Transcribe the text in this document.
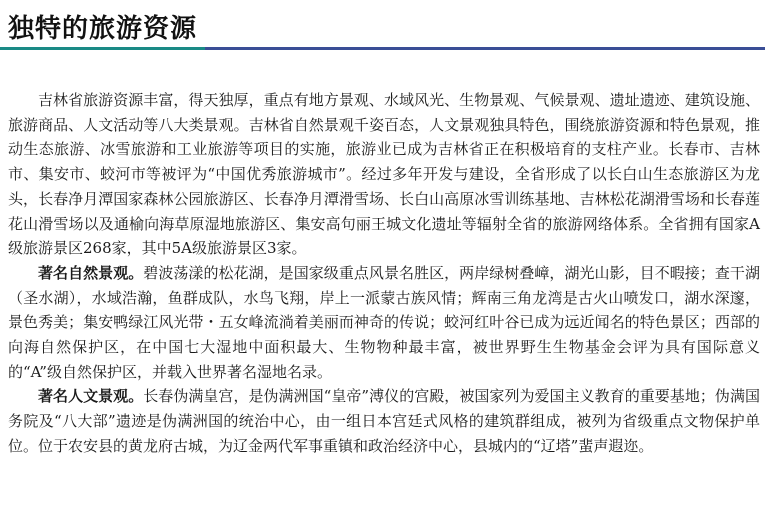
独特的旅游资源

吉林省旅游资源丰富，得天独厚，重点有地方景观、水域风光、生物景观、气候景观、遗址遗迹、建筑设施、旅游商品、人文活动等八大类景观。吉林省自然景观千姿百态，人文景观独具特色，围绕旅游资源和特色景观，推动生态旅游、冰雪旅游和工业旅游等项目的实施，旅游业已成为吉林省正在积极培育的支柱产业。长春市、吉林市、集安市、蛟河市等被评为“中国优秀旅游城市”。经过多年开发与建设，全省形成了以长白山生态旅游区为龙头，长春净月潭国家森林公园旅游区、长春净月潭滑雪场、长白山高原冰雪训练基地、吉林松花湖滑雪场和长春莲花山滑雪场以及通榆向海草原湿地旅游区、集安高句丽王城文化遗址等辐射全省的旅游网络体系。全省拥有国家A级旅游景区268家，其中5A级旅游景区3家。

著名自然景观。碧波荡漾的松花湖，是国家级重点风景名胜区，两岸绿树叠嶂，湖光山影，目不暇接；查干湖（圣水湖），水域浩瀚，鱼群成队，水鸟飞翔，岸上一派蒙古族风情；辉南三角龙湾是古火山喷发口，湖水深邃，景色秀美；集安鸭绿江风光带・五女峰流淌着美丽而神奇的传说；蛟河红叶谷已成为远近闻名的特色景区；西部的向海自然保护区，在中国七大湿地中面积最大、生物物种最丰富，被世界野生生物基金会评为具有国际意义的“A”级自然保护区，并载入世界著名湿地名录。

著名人文景观。长春伪满皇宫，是伪满洲国“皇帝”溥仪的宫殿，被国家列为爱国主义教育的重要基地；伪满国务院及“八大部”遗迹是伪满洲国的统治中心，由一组日本宫廷式风格的建筑群组成，被列为省级重点文物保护单位。位于农安县的黄龙府古城，为辽金两代军事重镇和政治经济中心，县城内的“辽塔”蜚声遐迩。
